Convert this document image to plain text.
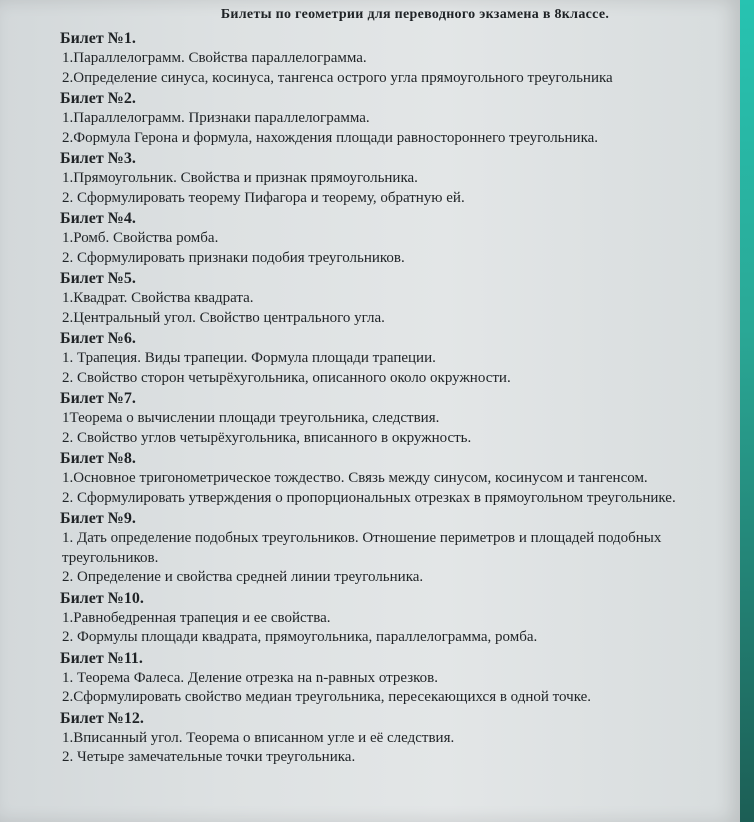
Билеты по геометрии для переводного экзамена в 8классе.
Билет №1.
1.Параллелограмм. Свойства параллелограмма.
2.Определение синуса, косинуса, тангенса острого угла прямоугольного треугольника
Билет №2.
1.Параллелограмм. Признаки параллелограмма.
2.Формула Герона и формула, нахождения площади равностороннего треугольника.
Билет №3.
1.Прямоугольник. Свойства и признак прямоугольника.
2. Сформулировать теорему Пифагора и теорему, обратную ей.
Билет №4.
1.Ромб. Свойства ромба.
2. Сформулировать признаки подобия треугольников.
Билет №5.
1.Квадрат. Свойства квадрата.
2.Центральный угол. Свойство центрального угла.
Билет №6.
1. Трапеция. Виды трапеции. Формула площади трапеции.
2. Свойство сторон четырёхугольника, описанного около окружности.
Билет №7.
1Теорема о вычислении площади треугольника, следствия.
2. Свойство углов четырёхугольника, вписанного в окружность.
Билет №8.
1.Основное тригонометрическое тождество. Связь между синусом, косинусом и тангенсом.
2. Сформулировать утверждения о пропорциональных отрезках в прямоугольном треугольнике.
Билет №9.
1. Дать определение подобных треугольников. Отношение периметров и площадей подобных треугольников.
2. Определение и свойства средней линии треугольника.
Билет №10.
1.Равнобедренная трапеция и ее свойства.
2. Формулы площади квадрата, прямоугольника, параллелограмма, ромба.
Билет №11.
1. Теорема Фалеса. Деление отрезка на n-равных отрезков.
2.Сформулировать свойство медиан треугольника, пересекающихся в одной точке.
Билет №12.
1.Вписанный угол. Теорема о вписанном угле и её следствия.
2. Четыре замечательные точки треугольника.
